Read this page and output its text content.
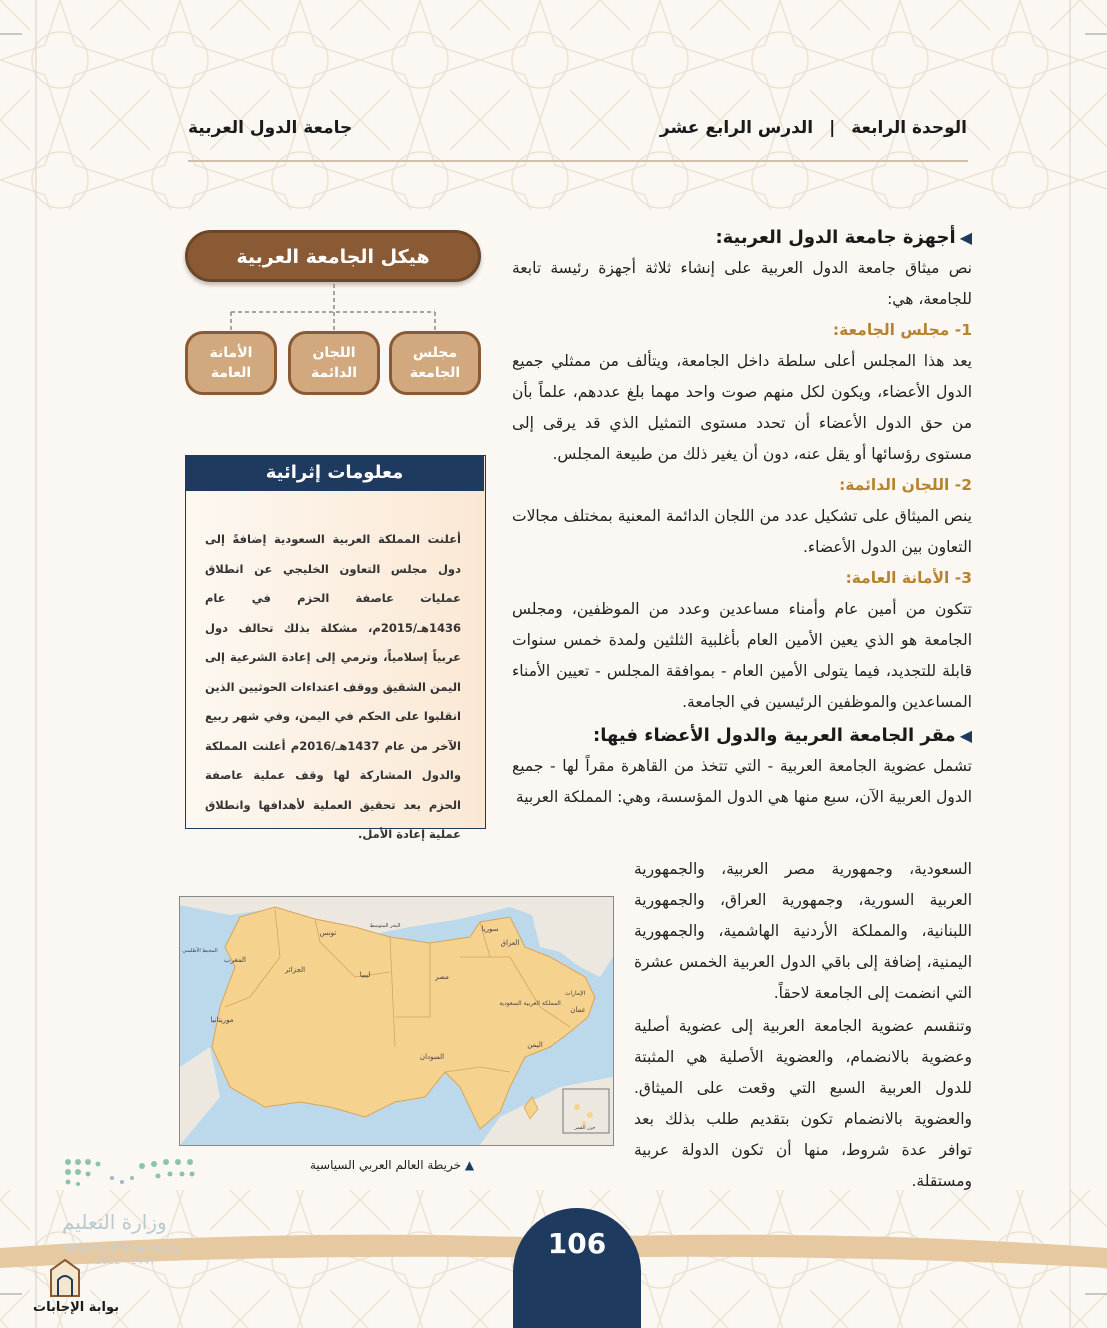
الوحدة الرابعة | الدرس الرابع عشر
جامعة الدول العربية
◀أجهزة جامعة الدول العربية:
نص ميثاق جامعة الدول العربية على إنشاء ثلاثة أجهزة رئيسة تابعة للجامعة، هي:
1- مجلس الجامعة:
يعد هذا المجلس أعلى سلطة داخل الجامعة، ويتألف من ممثلي جميع الدول الأعضاء، ويكون لكل منهم صوت واحد مهما بلغ عددهم، علماً بأن من حق الدول الأعضاء أن تحدد مستوى التمثيل الذي قد يرقى إلى مستوى رؤسائها أو يقل عنه، دون أن يغير ذلك من طبيعة المجلس.
2- اللجان الدائمة:
ينص الميثاق على تشكيل عدد من اللجان الدائمة المعنية بمختلف مجالات التعاون بين الدول الأعضاء.
3- الأمانة العامة:
تتكون من أمين عام وأمناء مساعدين وعدد من الموظفين، ومجلس الجامعة هو الذي يعين الأمين العام بأغلبية الثلثين ولمدة خمس سنوات قابلة للتجديد، فيما يتولى الأمين العام - بموافقة المجلس - تعيين الأمناء المساعدين والموظفين الرئيسين في الجامعة.
◀مقر الجامعة العربية والدول الأعضاء فيها:
تشمل عضوية الجامعة العربية - التي تتخذ من القاهرة مقراً لها - جميع الدول العربية الآن، سبع منها هي الدول المؤسسة، وهي: المملكة العربية
السعودية، وجمهورية مصر العربية، والجمهورية العربية السورية، وجمهورية العراق، والجمهورية اللبنانية، والمملكة الأردنية الهاشمية، والجمهورية اليمنية، إضافة إلى باقي الدول العربية الخمس عشرة التي انضمت إلى الجامعة لاحقاً.
وتنقسم عضوية الجامعة العربية إلى عضوية أصلية وعضوية بالانضمام، والعضوية الأصلية هي المثبتة للدول العربية السبع التي وقعت على الميثاق. والعضوية بالانضمام تكون بتقديم طلب بذلك بعد توافر عدة شروط، منها أن تكون الدولة عربية ومستقلة.
هيكل الجامعة العربية
مجلس الجامعة
اللجان الدائمة
الأمانة العامة
معلومات إثرائية
أعلنت المملكة العربية السعودية إضافةً إلى دول مجلس التعاون الخليجي عن انطلاق عمليات عاصفة الحزم في عام 1436هـ/2015م، مشكلة بذلك تحالف دول عربياً إسلامياً، وترمي إلى إعادة الشرعية إلى اليمن الشقيق ووقف اعتداءات الحوثيين الذين انقلبوا على الحكم في اليمن، وفي شهر ربيع الآخر من عام 1437هـ/2016م أعلنت المملكة والدول المشاركة لها وقف عملية عاصفة الحزم بعد تحقيق العملية لأهدافها وانطلاق عملية إعادة الأمل.
المغرب
الجزائر
تونس
ليبيا	مصر
موريتانيا
السودان
المملكة العربية السعودية
العراق
سوريا
اليمن
عمان
الإمارات
المحيط الأطلسي
البحر المتوسط
جزر القمر
▲ خريطة العالم العربي السياسية
106
وزارة التعليم
Ministry of Education
2022 - 1447
بوابة الإجابات
